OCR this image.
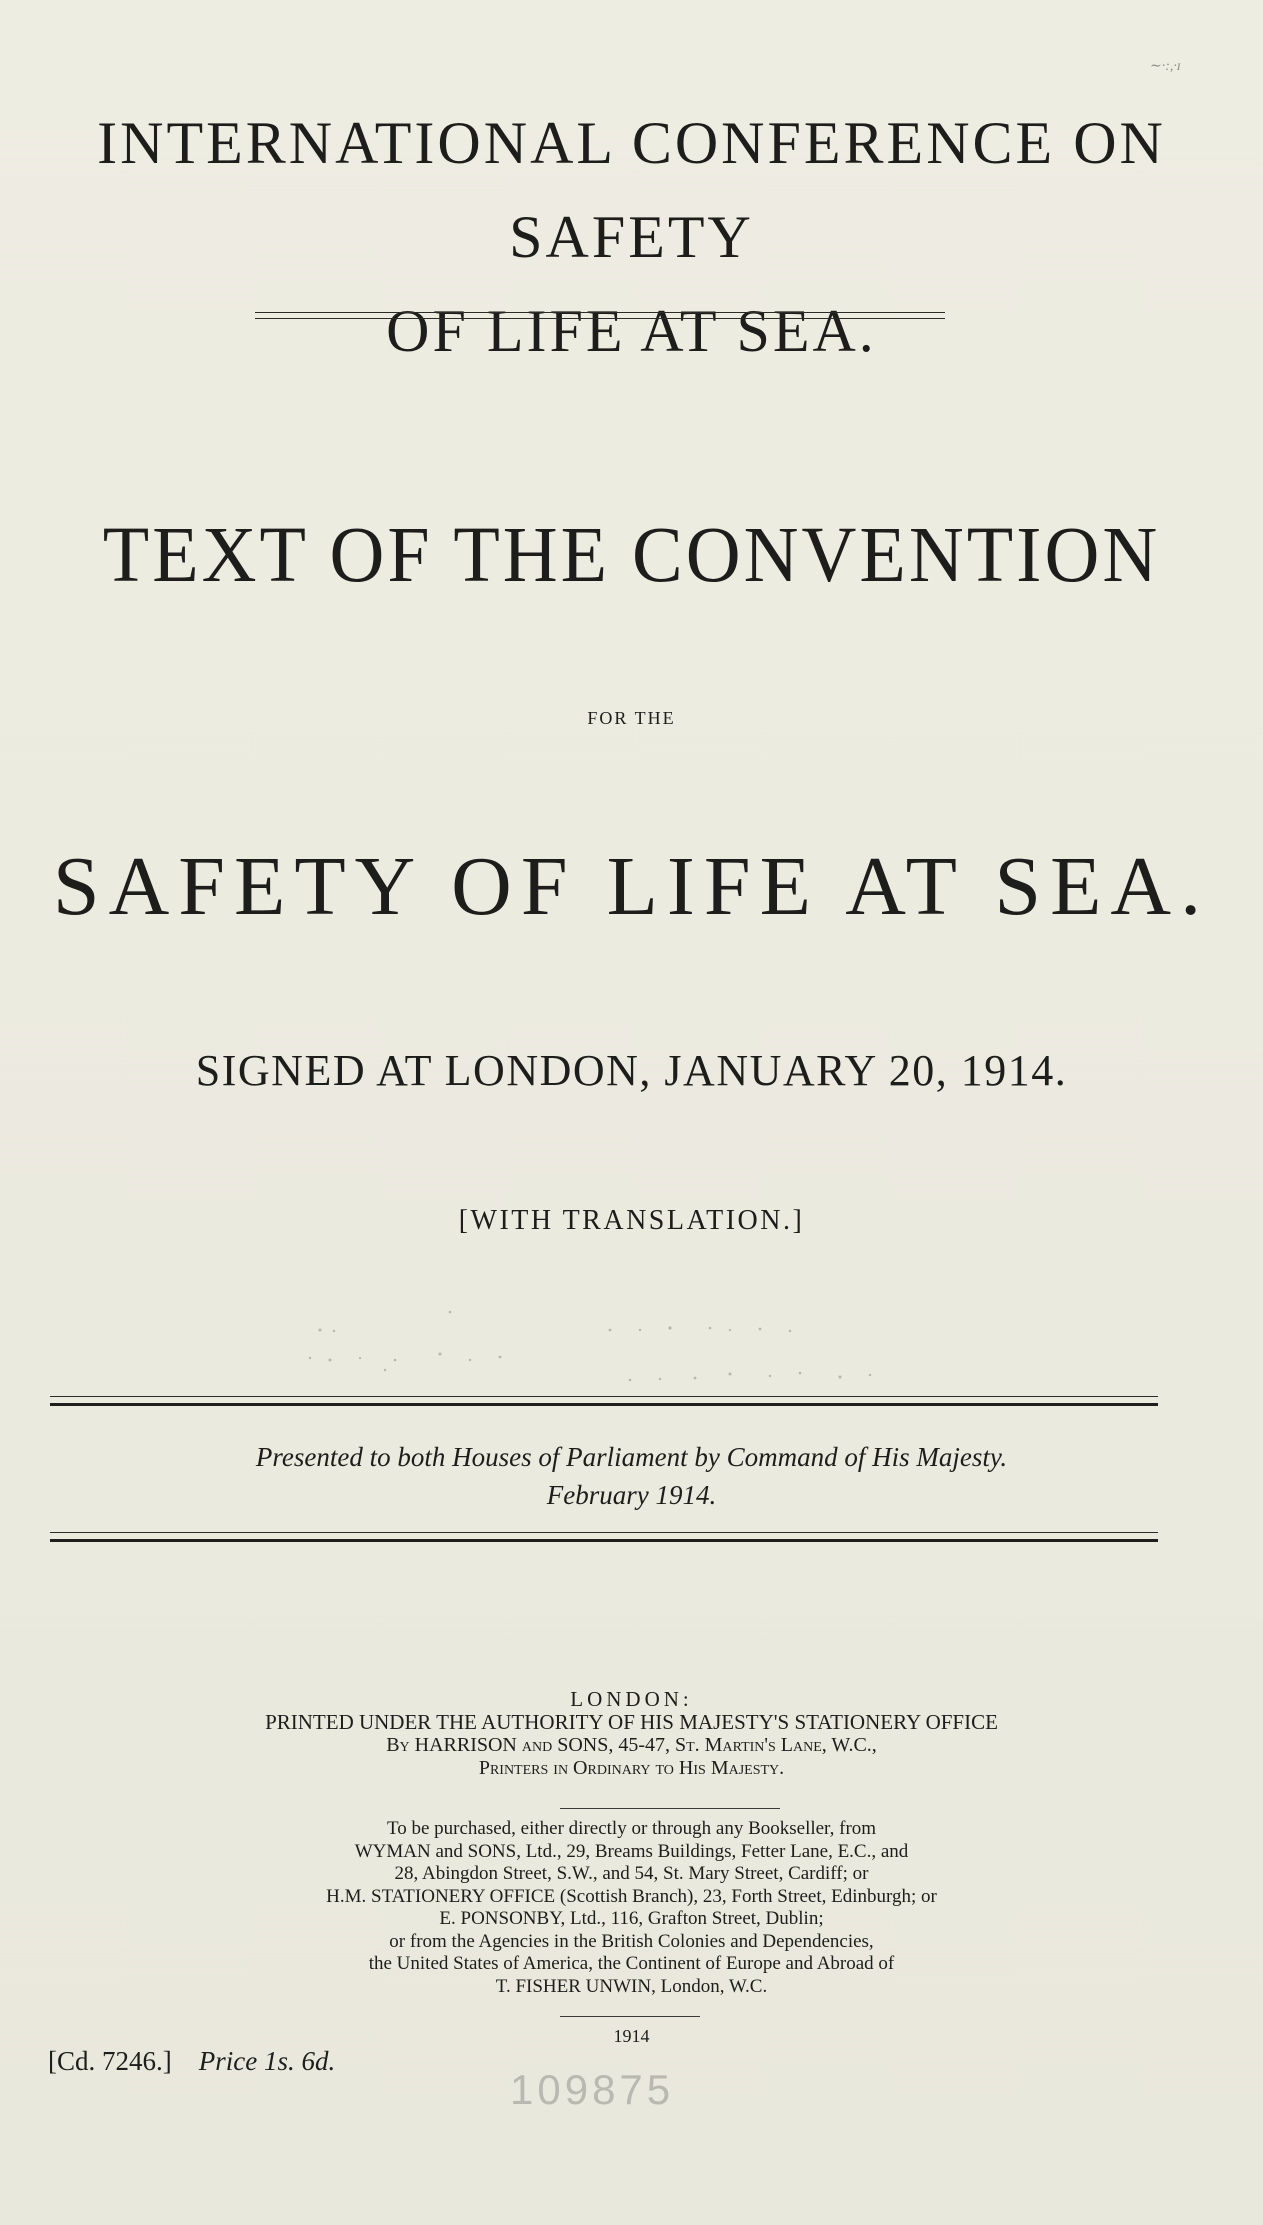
∼·:,·ɪ
INTERNATIONAL CONFERENCE ON SAFETY
OF LIFE AT SEA.
TEXT OF THE CONVENTION
FOR THE
SAFETY OF LIFE AT SEA.
SIGNED AT LONDON, JANUARY 20, 1914.
[WITH TRANSLATION.]
Presented to both Houses of Parliament by Command of His Majesty.
February 1914.
LONDON:
PRINTED UNDER THE AUTHORITY OF HIS MAJESTY'S STATIONERY OFFICE
By HARRISON and SONS, 45-47, St. Martin's Lane, W.C.,
Printers in Ordinary to His Majesty.
To be purchased, either directly or through any Bookseller, from
WYMAN and SONS, Ltd., 29, Breams Buildings, Fetter Lane, E.C., and
28, Abingdon Street, S.W., and 54, St. Mary Street, Cardiff; or
H.M. STATIONERY OFFICE (Scottish Branch), 23, Forth Street, Edinburgh; or
E. PONSONBY, Ltd., 116, Grafton Street, Dublin;
or from the Agencies in the British Colonies and Dependencies,
the United States of America, the Continent of Europe and Abroad of
T. FISHER UNWIN, London, W.C.
1914
[Cd. 7246.] Price 1s. 6d.
109875
